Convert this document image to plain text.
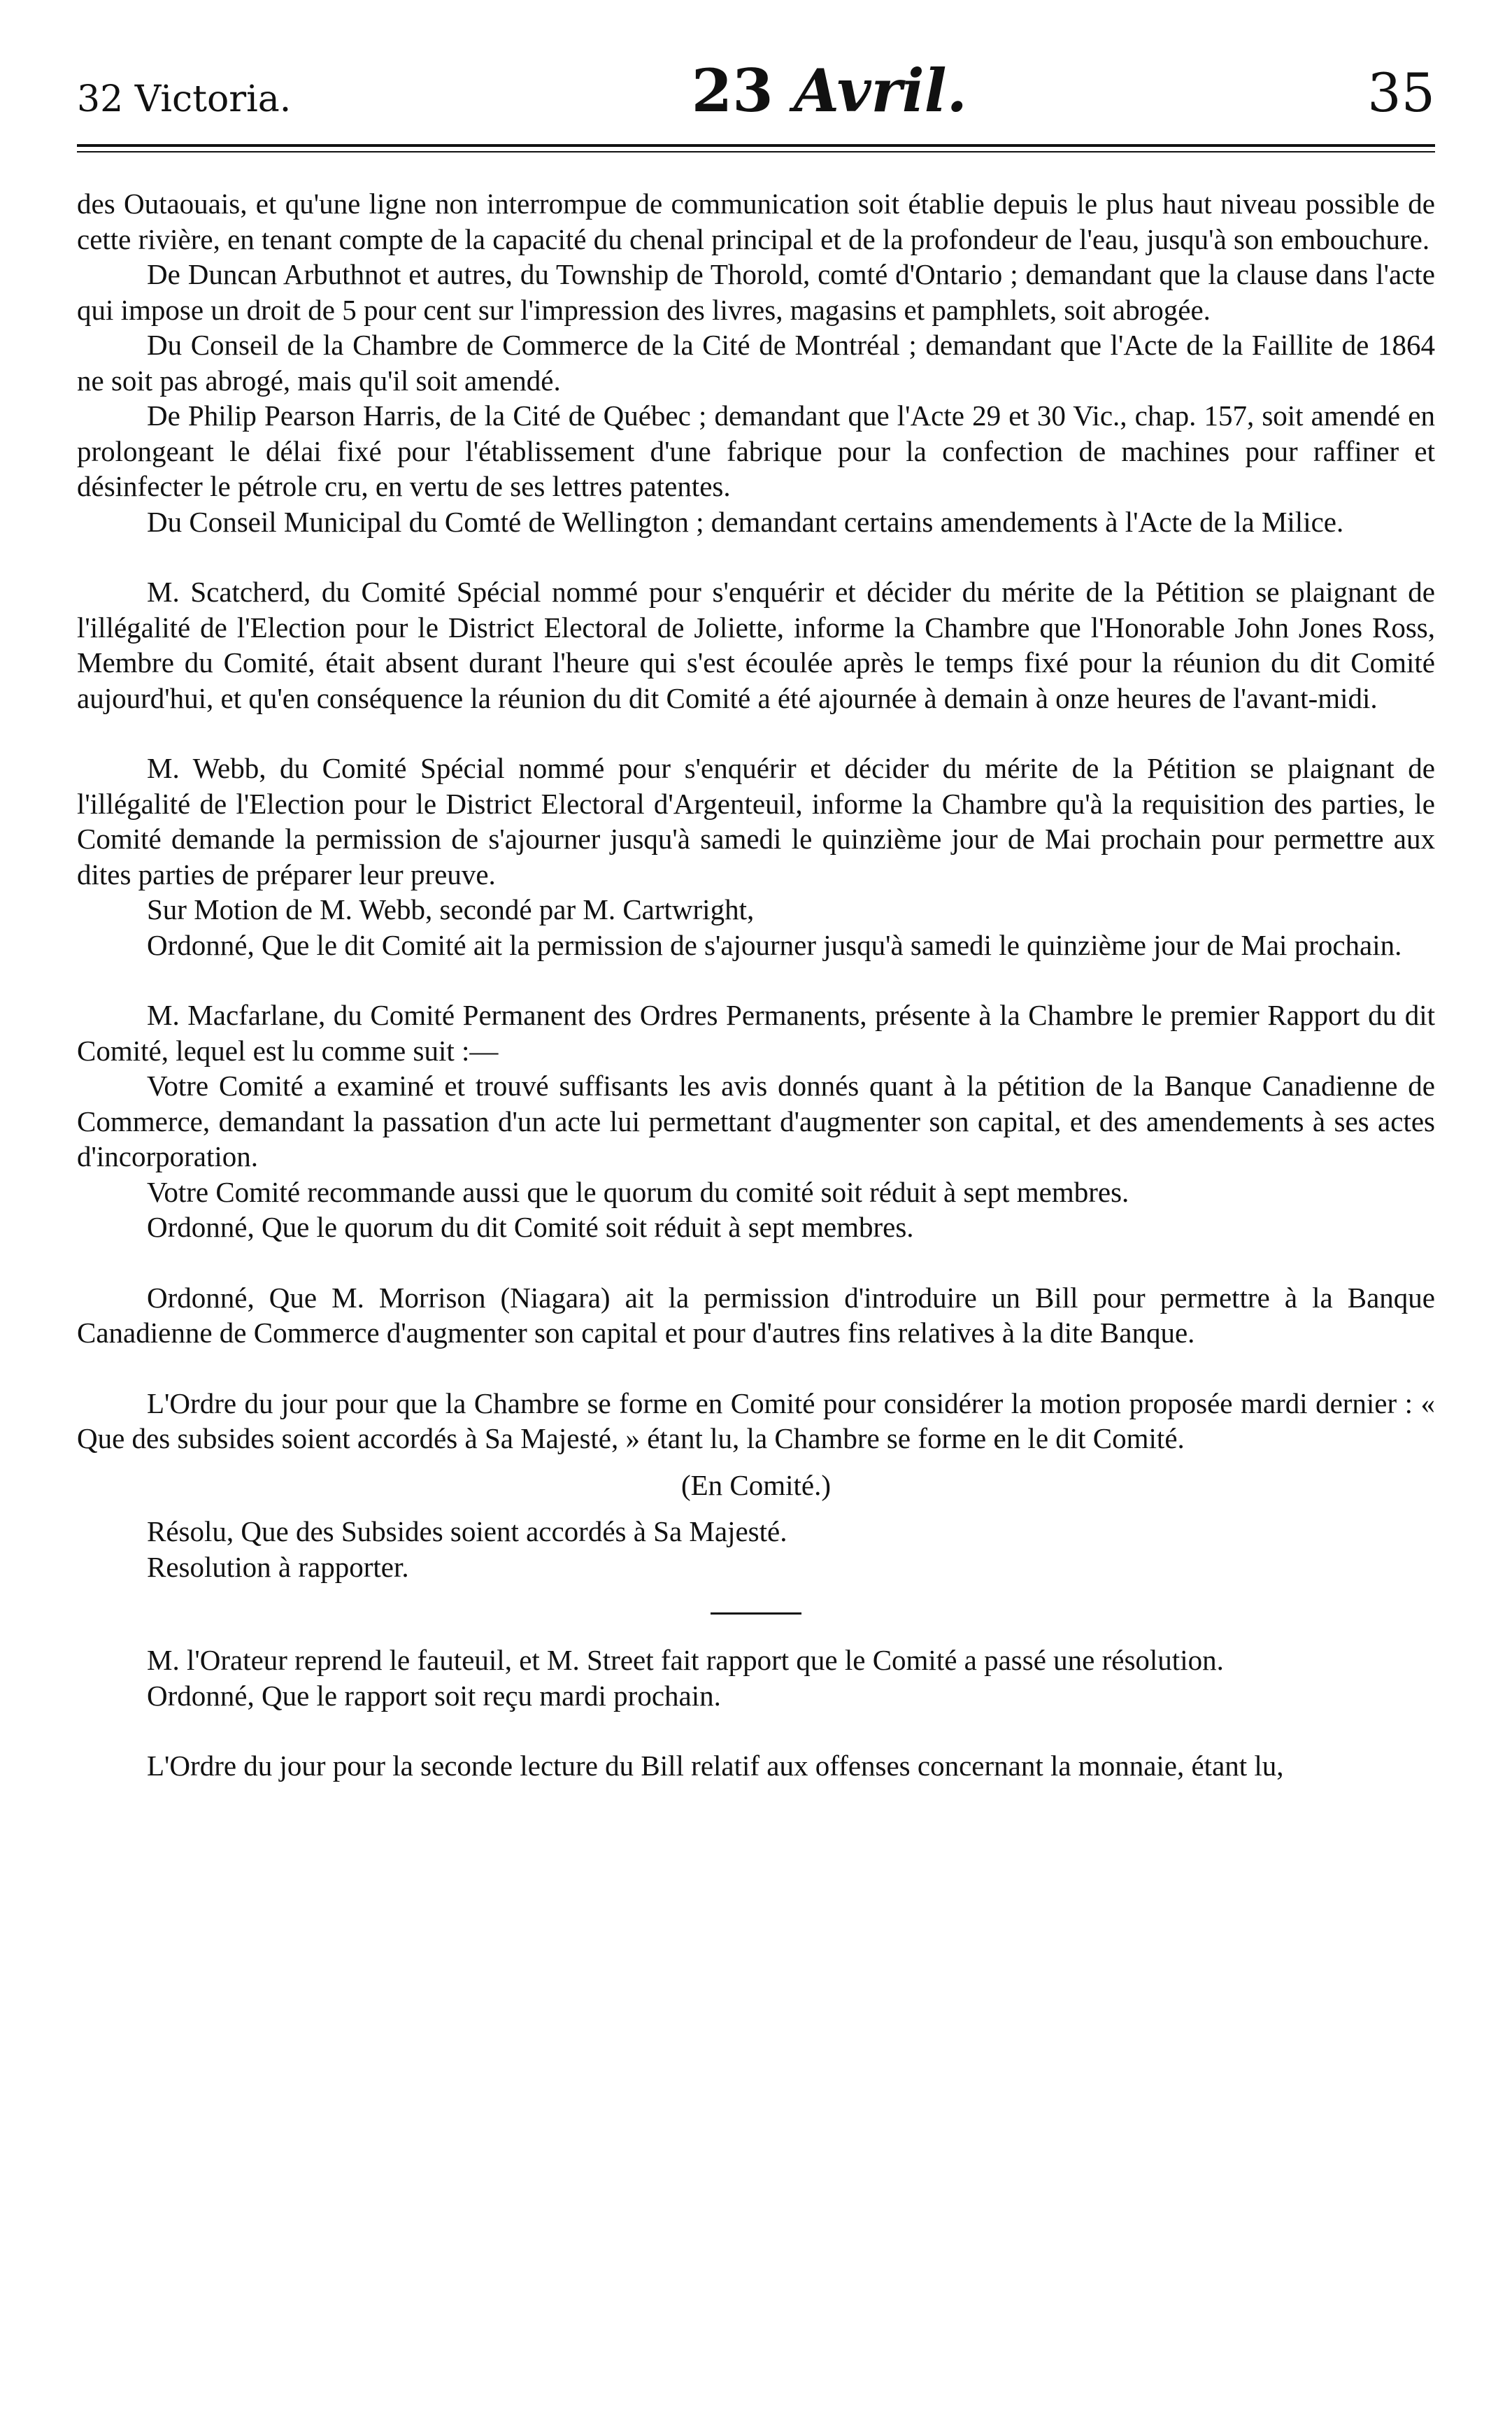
32 Victoria.	23 Avril.	35

des Outaouais, et qu'une ligne non interrompue de communication soit établie depuis le plus haut niveau possible de cette rivière, en tenant compte de la capacité du chenal principal et de la profondeur de l'eau, jusqu'à son embouchure.

De Duncan Arbuthnot et autres, du Township de Thorold, comté d'Ontario ; demandant que la clause dans l'acte qui impose un droit de 5 pour cent sur l'impression des livres, magasins et pamphlets, soit abrogée.

Du Conseil de la Chambre de Commerce de la Cité de Montréal ; demandant que l'Acte de la Faillite de 1864 ne soit pas abrogé, mais qu'il soit amendé.

De Philip Pearson Harris, de la Cité de Québec ; demandant que l'Acte 29 et 30 Vic., chap. 157, soit amendé en prolongeant le délai fixé pour l'établissement d'une fabrique pour la confection de machines pour raffiner et désinfecter le pétrole cru, en vertu de ses lettres patentes.

Du Conseil Municipal du Comté de Wellington ; demandant certains amendements à l'Acte de la Milice.

M. Scatcherd, du Comité Spécial nommé pour s'enquérir et décider du mérite de la Pétition se plaignant de l'illégalité de l'Election pour le District Electoral de Joliette, informe la Chambre que l'Honorable John Jones Ross, Membre du Comité, était absent durant l'heure qui s'est écoulée après le temps fixé pour la réunion du dit Comité aujourd'hui, et qu'en conséquence la réunion du dit Comité a été ajournée à demain à onze heures de l'avant-midi.

M. Webb, du Comité Spécial nommé pour s'enquérir et décider du mérite de la Pétition se plaignant de l'illégalité de l'Election pour le District Electoral d'Argenteuil, informe la Chambre qu'à la requisition des parties, le Comité demande la permission de s'ajourner jusqu'à samedi le quinzième jour de Mai prochain pour permettre aux dites parties de préparer leur preuve.

Sur Motion de M. Webb, secondé par M. Cartwright,

Ordonné, Que le dit Comité ait la permission de s'ajourner jusqu'à samedi le quinzième jour de Mai prochain.

M. Macfarlane, du Comité Permanent des Ordres Permanents, présente à la Chambre le premier Rapport du dit Comité, lequel est lu comme suit :—

Votre Comité a examiné et trouvé suffisants les avis donnés quant à la pétition de la Banque Canadienne de Commerce, demandant la passation d'un acte lui permettant d'augmenter son capital, et des amendements à ses actes d'incorporation.

Votre Comité recommande aussi que le quorum du comité soit réduit à sept membres.

Ordonné, Que le quorum du dit Comité soit réduit à sept membres.

Ordonné, Que M. Morrison (Niagara) ait la permission d'introduire un Bill pour permettre à la Banque Canadienne de Commerce d'augmenter son capital et pour d'autres fins relatives à la dite Banque.

L'Ordre du jour pour que la Chambre se forme en Comité pour considérer la motion proposée mardi dernier : « Que des subsides soient accordés à Sa Majesté, » étant lu, la Chambre se forme en le dit Comité.

(En Comité.)

Résolu, Que des Subsides soient accordés à Sa Majesté.

Resolution à rapporter.

M. l'Orateur reprend le fauteuil, et M. Street fait rapport que le Comité a passé une résolution.

Ordonné, Que le rapport soit reçu mardi prochain.

L'Ordre du jour pour la seconde lecture du Bill relatif aux offenses concernant la monnaie, étant lu,
